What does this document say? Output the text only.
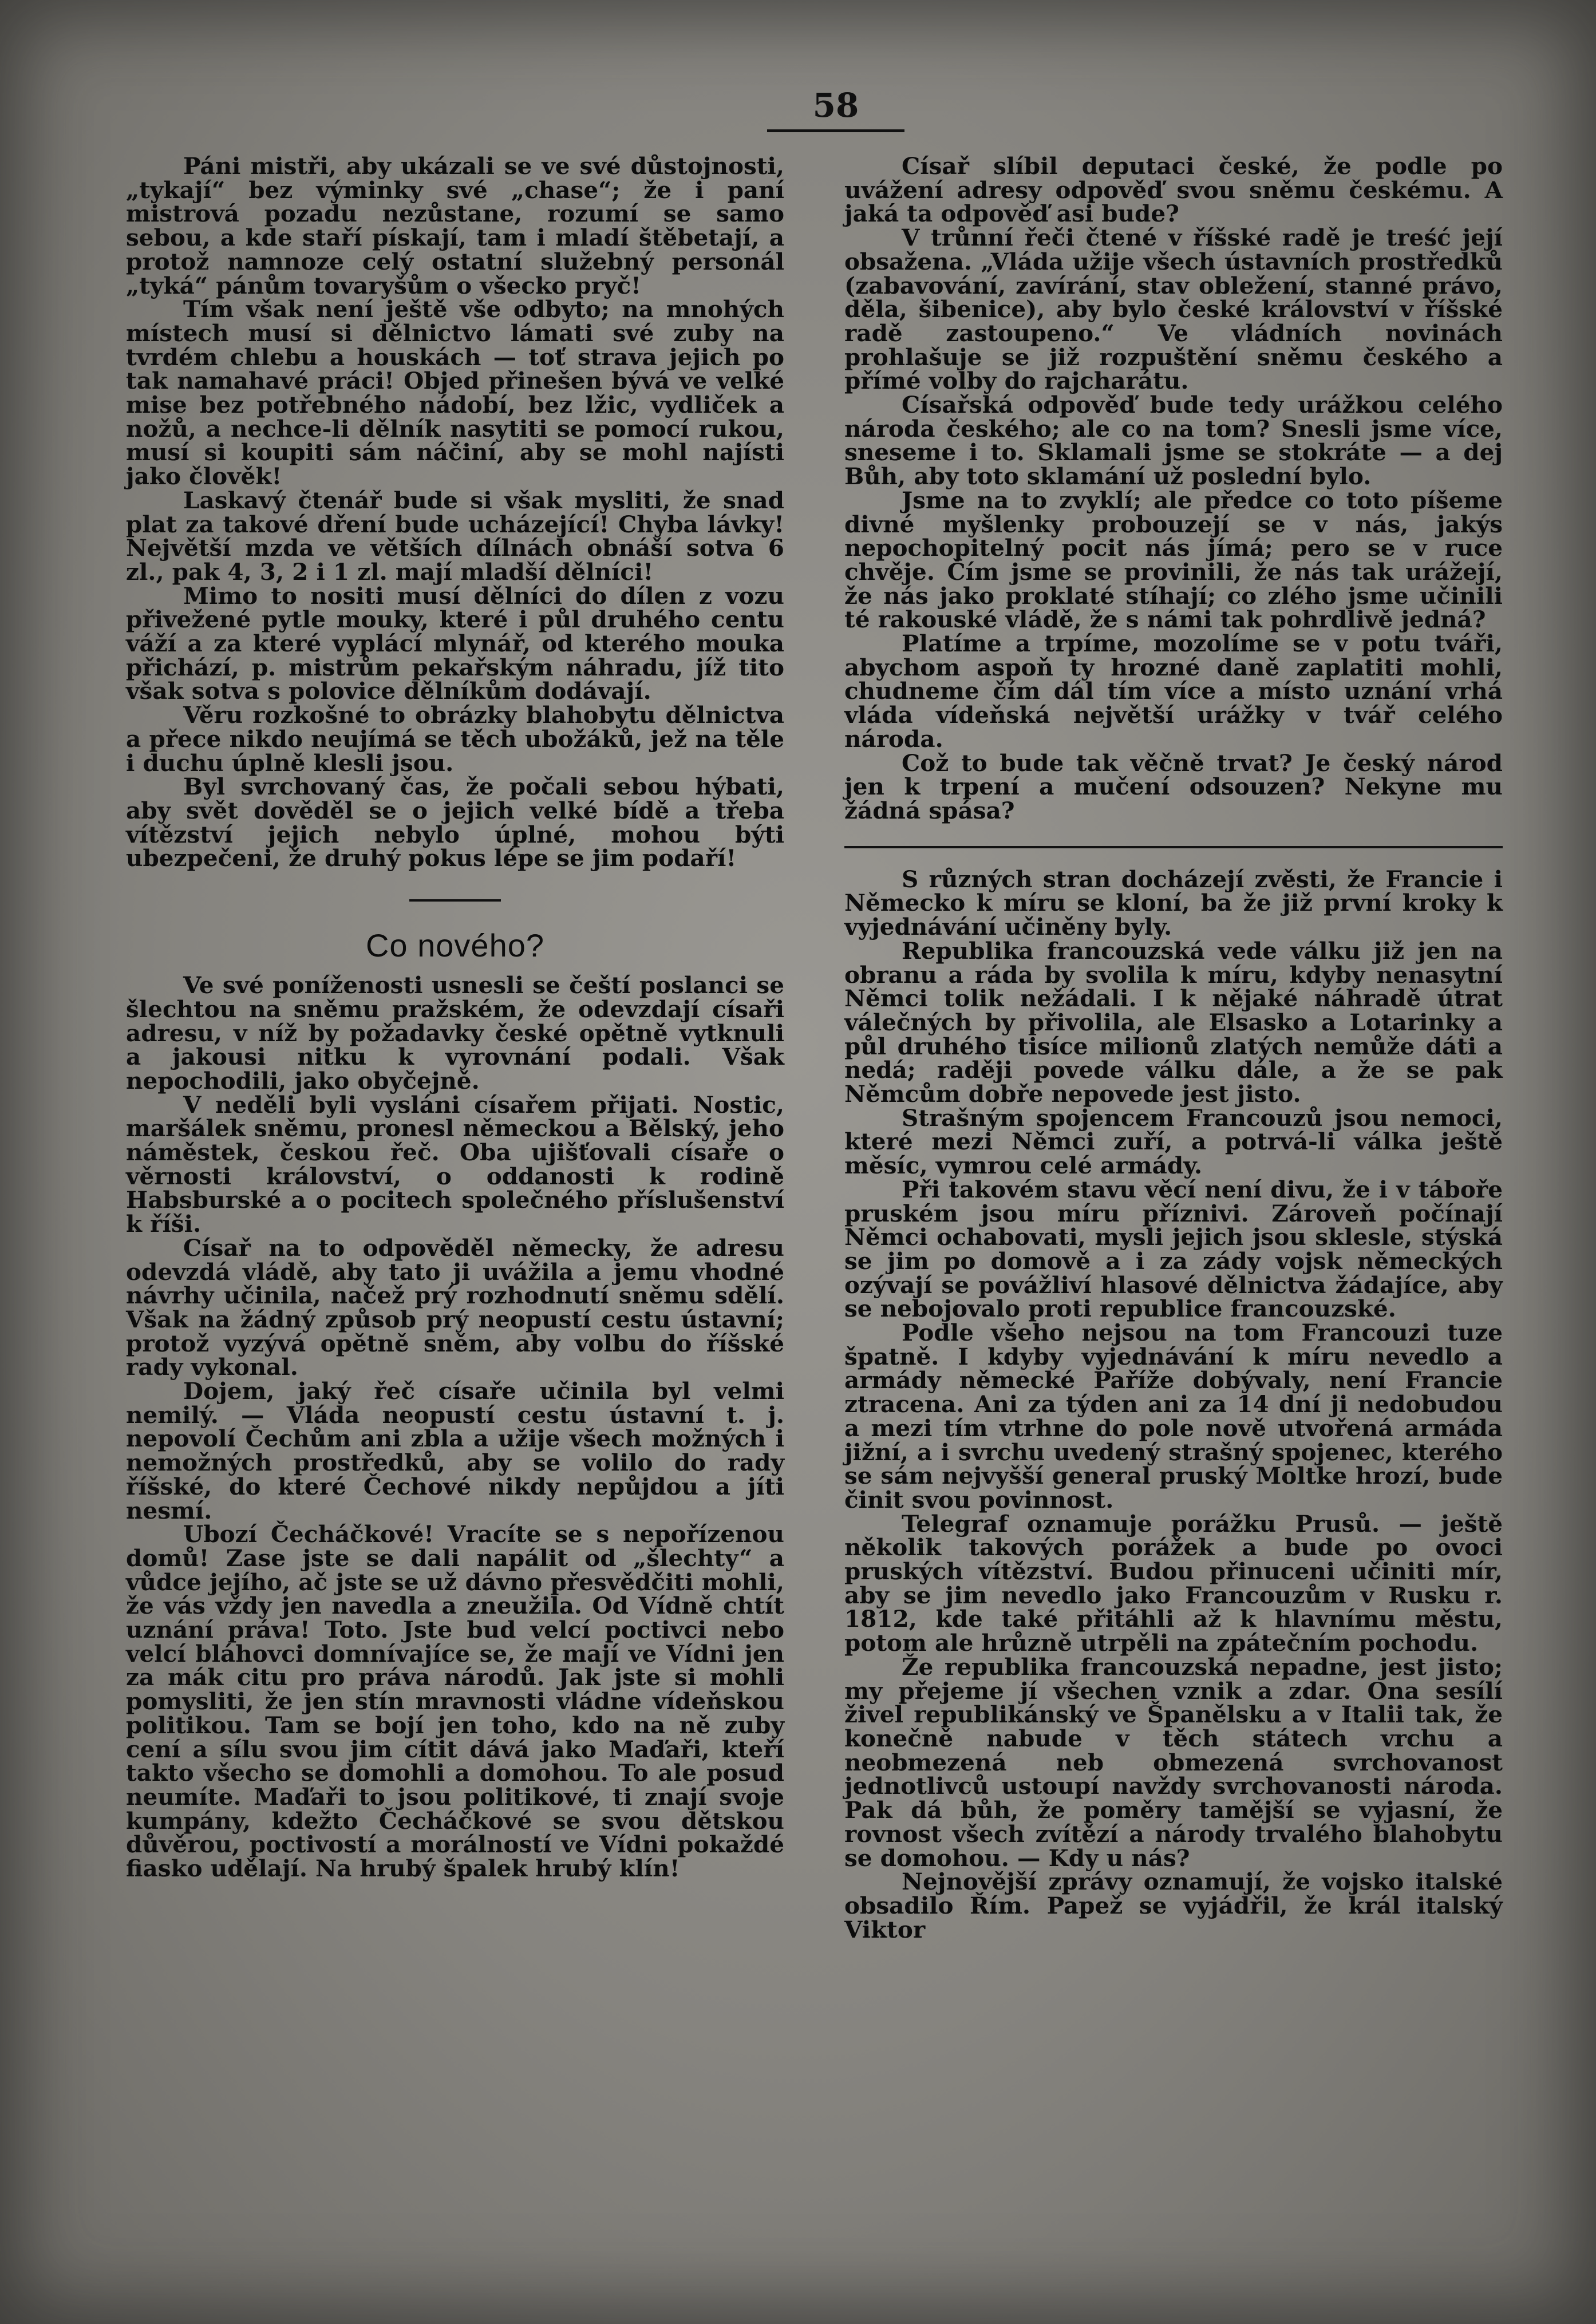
58

Páni mistři, aby ukázali se ve své důstojnosti, „tykají“ bez výminky své „chase“; že i paní mistrová pozadu nezůstane, rozumí se samo sebou, a kde staří pískají, tam i mladí štěbetají, a protož namnoze celý ostatní služebný personál „tyká“ pánům tovaryšům o všecko pryč!

Tím však není ještě vše odbyto; na mnohých místech musí si dělnictvo lámati své zuby na tvrdém chlebu a houskách — toť strava jejich po tak namahavé práci! Objed přinešen bývá ve velké mise bez potřebného nádobí, bez lžic, vydliček a nožů, a nechce-li dělník nasytiti se pomocí rukou, musí si koupiti sám náčiní, aby se mohl najísti jako člověk!

Laskavý čtenář bude si však mysliti, že snad plat za takové dření bude ucházející! Chyba lávky! Největší mzda ve větších dílnách obnáší sotva 6 zl., pak 4, 3, 2 i 1 zl. mají mladší dělníci!

Mimo to nositi musí dělníci do dílen z vozu přivežené pytle mouky, které i půl druhého centu váží a za které vyplácí mlynář, od kterého mouka přichází, p. mistrům pekařským náhradu, jíž tito však sotva s polovice dělníkům dodávají.

Věru rozkošné to obrázky blahobytu dělnictva a přece nikdo neujímá se těch ubožáků, jež na těle i duchu úplně klesli jsou.

Byl svrchovaný čas, že počali sebou hýbati, aby svět dověděl se o jejich velké bídě a třeba vítězství jejich nebylo úplné, mohou býti ubezpečeni, že druhý pokus lépe se jim podaří!

Co nového?

Ve své poníženosti usnesli se čeští poslanci se šlechtou na sněmu pražském, že odevzdají císaři adresu, v níž by požadavky české opětně vytknuli a jakousi nitku k vyrovnání podali. Však nepochodili, jako obyčejně.

V neděli byli vysláni císařem přijati. Nostic, maršálek sněmu, pronesl německou a Bělský, jeho náměstek, českou řeč. Oba ujišťovali císaře o věrnosti království, o oddanosti k rodině Habsburské a o pocitech společného příslušenství k říši.

Císař na to odpověděl německy, že adresu odevzdá vládě, aby tato ji uvážila a jemu vhodné návrhy učinila, načež prý rozhodnutí sněmu sdělí. Však na žádný způsob prý neopustí cestu ústavní; protož vyzývá opětně sněm, aby volbu do říšské rady vykonal.

Dojem, jaký řeč císaře učinila byl velmi nemilý. — Vláda neopustí cestu ústavní t. j. nepovolí Čechům ani zbla a užije všech možných i nemožných prostředků, aby se volilo do rady říšské, do které Čechové nikdy nepůjdou a jíti nesmí.

Ubozí Čecháčkové! Vracíte se s nepořízenou domů! Zase jste se dali napálit od „šlechty“ a vůdce jejího, ač jste se už dávno přesvědčiti mohli, že vás vždy jen navedla a zneužila. Od Vídně chtít uznání práva! Toto. Jste bud velcí poctivci nebo velcí bláhovci domnívajíce se, že mají ve Vídni jen za mák citu pro práva národů. Jak jste si mohli pomysliti, že jen stín mravnosti vládne vídeňskou politikou. Tam se bojí jen toho, kdo na ně zuby cení a sílu svou jim cítit dává jako Maďaři, kteří takto všecho se domohli a domohou. To ale posud neumíte. Maďaři to jsou politikové, ti znají svoje kumpány, kdežto Čecháčkové se svou dětskou důvěrou, poctivostí a morálností ve Vídni pokaždé fiasko udělají. Na hrubý špalek hrubý klín!

Císař slíbil deputaci české, že podle po uvážení adresy odpověď svou sněmu českému. A jaká ta odpověď asi bude?

V trůnní řeči čtené v říšské radě je treść její obsažena. „Vláda užije všech ústavních prostředků (zabavování, zavírání, stav obležení, stanné právo, děla, šibenice), aby bylo české království v říšské radě zastoupeno.“ Ve vládních novinách prohlašuje se již rozpuštění sněmu českého a přímé volby do rajcharátu.

Císařská odpověď bude tedy urážkou celého národa českého; ale co na tom? Snesli jsme více, sneseme i to. Sklamali jsme se stokráte — a dej Bůh, aby toto sklamání už poslední bylo.

Jsme na to zvyklí; ale předce co toto píšeme divné myšlenky probouzejí se v nás, jakýs nepochopitelný pocit nás jímá; pero se v ruce chvěje. Čím jsme se provinili, že nás tak urážejí, že nás jako proklaté stíhají; co zlého jsme učinili té rakouské vládě, že s námi tak pohrdlivě jedná?

Platíme a trpíme, mozolíme se v potu tváři, abychom aspoň ty hrozné daně zaplatiti mohli, chudneme čím dál tím více a místo uznání vrhá vláda vídeňská největší urážky v tvář celého národa.

Což to bude tak věčně trvat? Je český národ jen k trpení a mučení odsouzen? Nekyne mu žádná spása?

S různých stran docházejí zvěsti, že Francie i Německo k míru se kloní, ba že již první kroky k vyjednávání učiněny byly.

Republika francouzská vede válku již jen na obranu a ráda by svolila k míru, kdyby nenasytní Němci tolik nežádali. I k nějaké náhradě útrat válečných by přivolila, ale Elsasko a Lotarinky a půl druhého tisíce milionů zlatých nemůže dáti a nedá; raději povede válku dále, a že se pak Němcům dobře nepovede jest jisto.

Strašným spojencem Francouzů jsou nemoci, které mezi Němci zuří, a potrvá-li válka ještě měsíc, vymrou celé armády.

Při takovém stavu věcí není divu, že i v táboře pruském jsou míru příznivi. Zároveň počínají Němci ochabovati, mysli jejich jsou sklesle, stýská se jim po domově a i za zády vojsk německých ozývají se povážliví hlasové dělnictva žádajíce, aby se nebojovalo proti republice francouzské.

Podle všeho nejsou na tom Francouzi tuze špatně. I kdyby vyjednávání k míru nevedlo a armády německé Paříže dobývaly, není Francie ztracena. Ani za týden ani za 14 dní ji nedobudou a mezi tím vtrhne do pole nově utvořená armáda jižní, a i svrchu uvedený strašný spojenec, kterého se sám nejvyšší general pruský Moltke hrozí, bude činit svou povinnost.

Telegraf oznamuje porážku Prusů. — ještě několik takových porážek a bude po ovoci pruských vítězství. Budou přinuceni učiniti mír, aby se jim nevedlo jako Francouzům v Rusku r. 1812, kde také přitáhli až k hlavnímu městu, potom ale hrůzně utrpěli na zpátečním pochodu.

Že republika francouzská nepadne, jest jisto; my přejeme jí všechen vznik a zdar. Ona sesílí živel republikánský ve Španělsku a v Italii tak, že konečně nabude v těch státech vrchu a neobmezená neb obmezená svrchovanost jednotlivců ustoupí navždy svrchovanosti národa. Pak dá bůh, že poměry tamější se vyjasní, že rovnost všech zvítězí a národy trvalého blahobytu se domohou. — Kdy u nás?

Nejnovější zprávy oznamují, že vojsko italské obsadilo Řím. Papež se vyjádřil, že král italský Viktor
